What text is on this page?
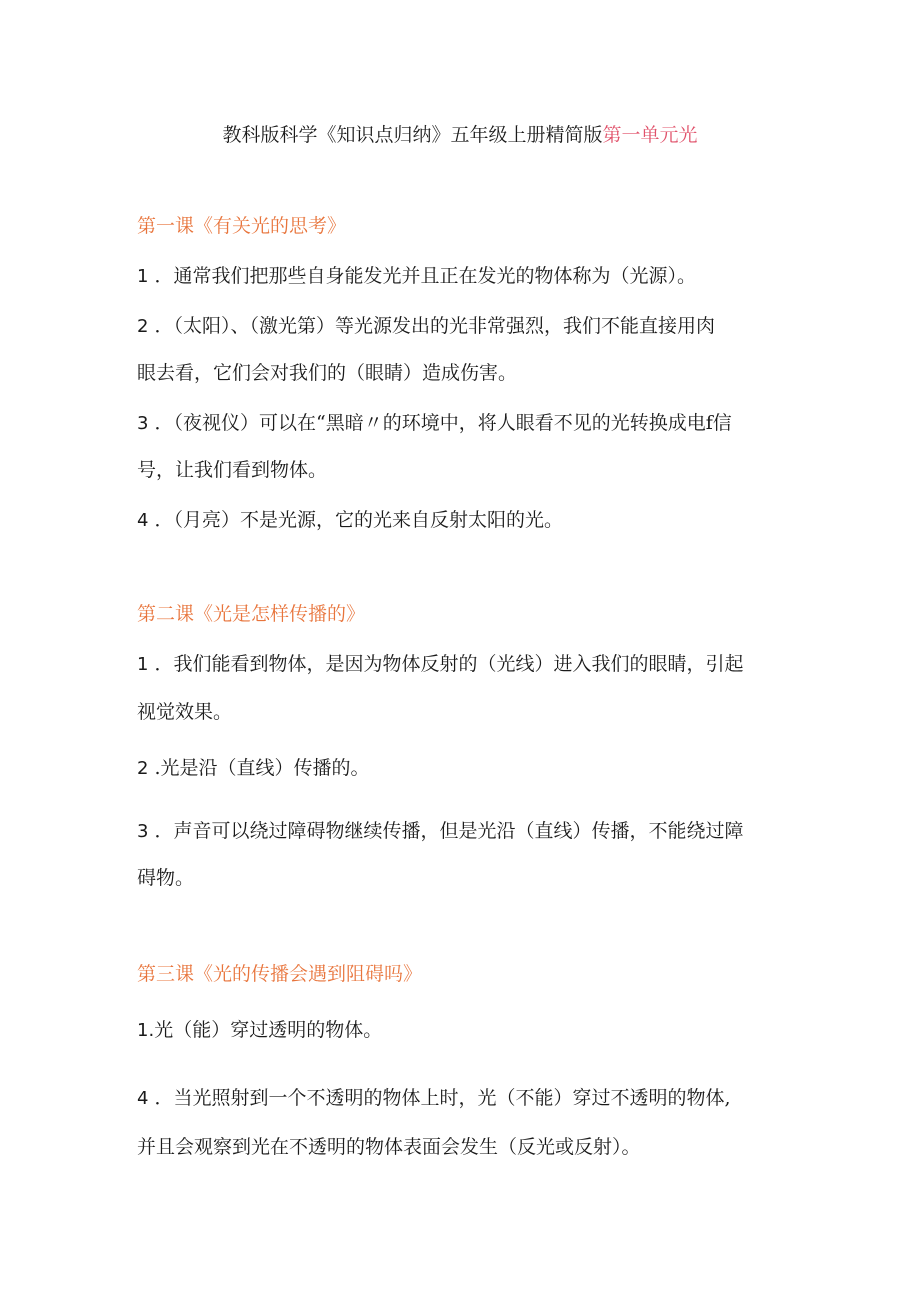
教科版科学《知识点归纳》五年级上册精简版第一单元光
第一课《有关光的思考》
1 ．通常我们把那些自身能发光并且正在发光的物体称为（光源）。
2 ．（太阳）、（激光第）等光源发出的光非常强烈，我们不能直接用肉
眼去看，它们会对我们的（眼睛）造成伤害。
3 ．（夜视仪）可以在“黑暗〃的环境中，将人眼看不见的光转换成电f信
号，让我们看到物体。
4 ．（月亮）不是光源，它的光来自反射太阳的光。
第二课《光是怎样传播的》
1 ．我们能看到物体，是因为物体反射的（光线）进入我们的眼睛，引起
视觉效果。
2 .光是沿（直线）传播的。
3 ．声音可以绕过障碍物继续传播，但是光沿（直线）传播，不能绕过障
碍物。
第三课《光的传播会遇到阻碍吗》
1.光（能）穿过透明的物体。
4 ．当光照射到一个不透明的物体上时，光（不能）穿过不透明的物体,
并且会观察到光在不透明的物体表面会发生（反光或反射）。
